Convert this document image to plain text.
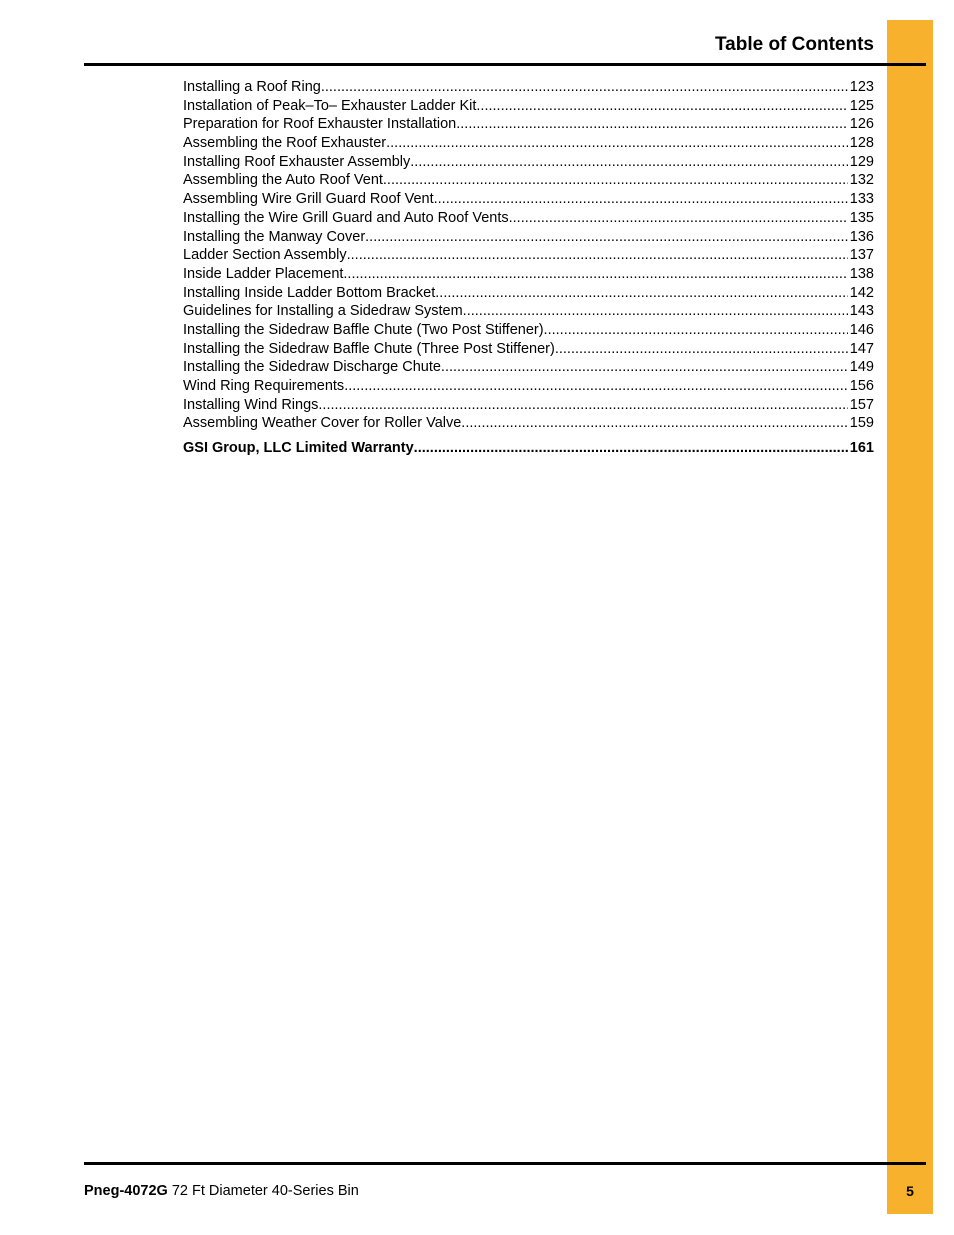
Table of Contents
Installing a Roof Ring .....	123
Installation of Peak–To– Exhauster Ladder Kit .....	125
Preparation for Roof Exhauster Installation .....	126
Assembling the Roof Exhauster .....	128
Installing Roof Exhauster Assembly .....	129
Assembling the Auto Roof Vent .....	132
Assembling Wire Grill Guard Roof Vent .....	133
Installing the Wire Grill Guard and Auto Roof Vents .....	135
Installing the Manway Cover .....	136
Ladder Section Assembly .....	137
Inside Ladder Placement .....	138
Installing Inside Ladder Bottom Bracket .....	142
Guidelines for Installing a Sidedraw System .....	143
Installing the Sidedraw Baffle Chute (Two Post Stiffener) .....	146
Installing the Sidedraw Baffle Chute (Three Post Stiffener) .....	147
Installing the Sidedraw Discharge Chute .....	149
Wind Ring Requirements .....	156
Installing Wind Rings .....	157
Assembling Weather Cover for Roller Valve .....	159
GSI Group, LLC Limited Warranty .....	161
Pneg-4072G 72 Ft Diameter 40-Series Bin	5
